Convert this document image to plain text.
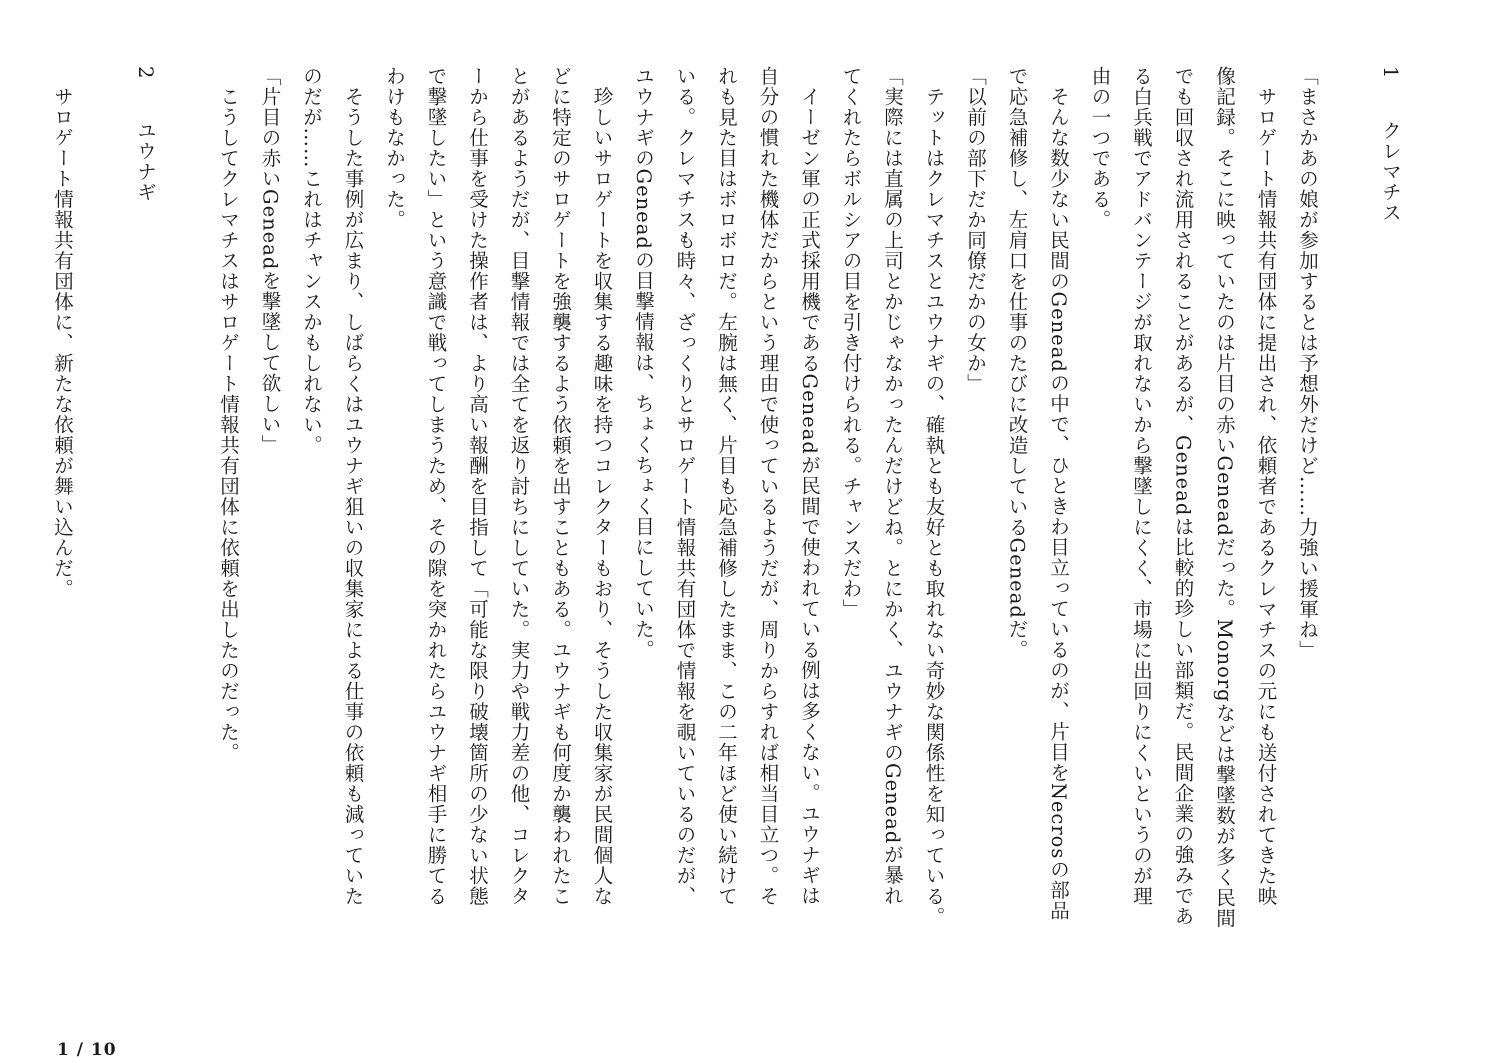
1　　クレマチス
「まさかあの娘が参加するとは予想外だけど……力強い援軍ね」
　サロゲート情報共有団体に提出され、依頼者であるクレマチスの元にも送付されてきた映
像記録。そこに映っていたのは片目の赤いGeneadだった。Monorgなどは撃墜数が多く民間
でも回収され流用されることがあるが、Geneadは比較的珍しい部類だ。民間企業の強みであ
る白兵戦でアドバンテージが取れないから撃墜しにくく、市場に出回りにくいというのが理
由の一つである。
　そんな数少ない民間のGeneadの中で、ひときわ目立っているのが、片目をNecrosの部品
で応急補修し、左肩口を仕事のたびに改造しているGeneadだ。
「以前の部下だか同僚だかの女か」
　テットはクレマチスとユウナギの、確執とも友好とも取れない奇妙な関係性を知っている。
「実際には直属の上司とかじゃなかったんだけどね。とにかく、ユウナギのGeneadが暴れ
てくれたらボルシアの目を引き付けられる。チャンスだわ」
　イーゼン軍の正式採用機であるGeneadが民間で使われている例は多くない。ユウナギは
自分の慣れた機体だからという理由で使っているようだが、周りからすれば相当目立つ。そ
れも見た目はボロボロだ。左腕は無く、片目も応急補修したまま、この二年ほど使い続けて
いる。クレマチスも時々、ざっくりとサロゲート情報共有団体で情報を覗いているのだが、
ユウナギのGeneadの目撃情報は、ちょくちょく目にしていた。
　珍しいサロゲートを収集する趣味を持つコレクターもおり、そうした収集家が民間個人な
どに特定のサロゲートを強襲するよう依頼を出すこともある。ユウナギも何度か襲われたこ
とがあるようだが、目撃情報では全てを返り討ちにしていた。実力や戦力差の他、コレクタ
ーから仕事を受けた操作者は、より高い報酬を目指して「可能な限り破壊箇所の少ない状態
で撃墜したい」という意識で戦ってしまうため、その隙を突かれたらユウナギ相手に勝てる
わけもなかった。
　そうした事例が広まり、しばらくはユウナギ狙いの収集家による仕事の依頼も減っていた
のだが……これはチャンスかもしれない。
「片目の赤いGeneadを撃墜して欲しい」
　こうしてクレマチスはサロゲート情報共有団体に依頼を出したのだった。
2　　ユウナギ
　サロゲート情報共有団体に、新たな依頼が舞い込んだ。
1 / 10
